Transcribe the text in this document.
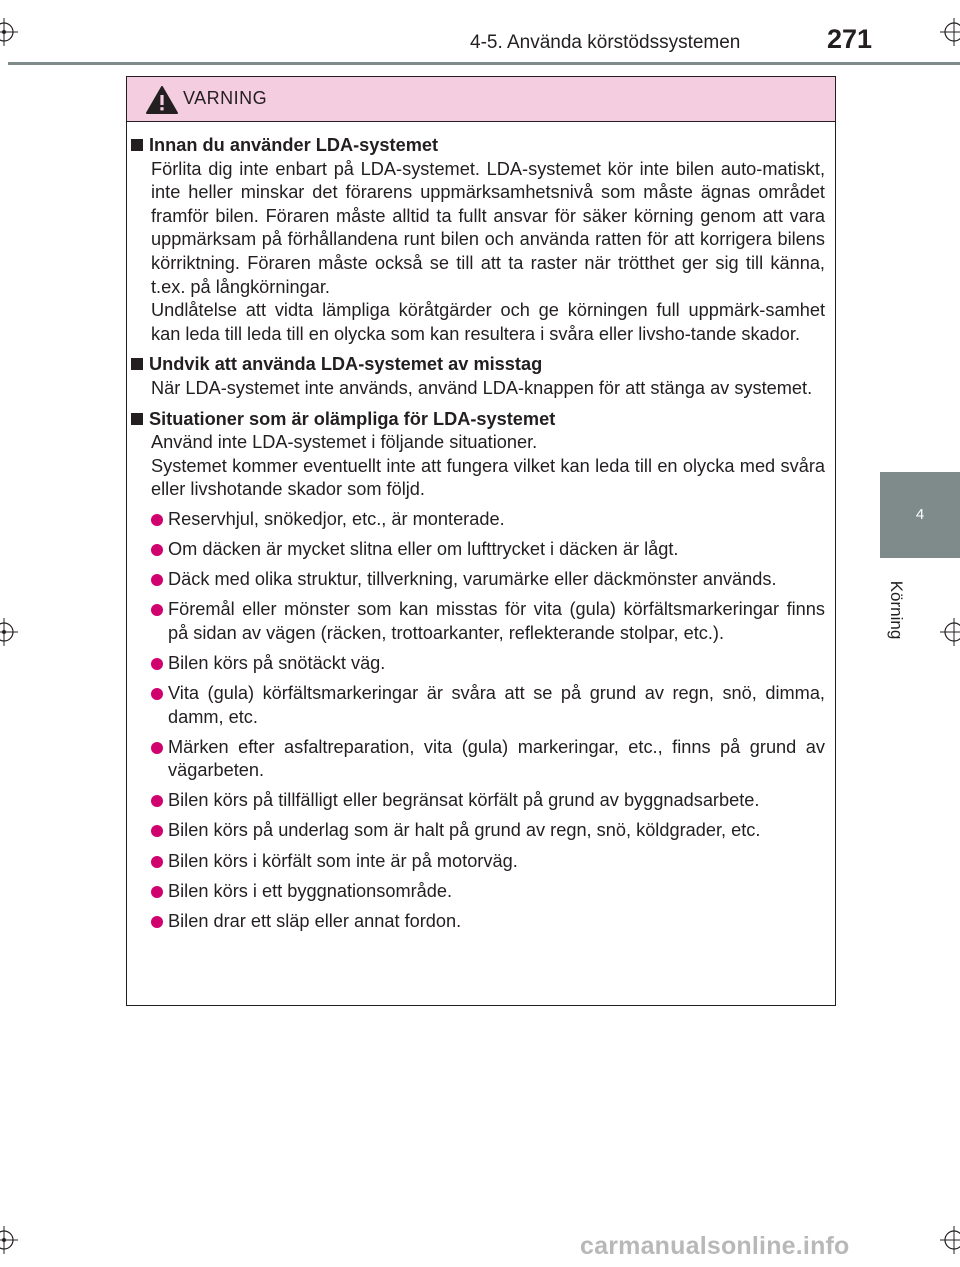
4-5. Använda körstödssystemen	271
4
Körning
VARNING
Innan du använder LDA-systemet
Förlita dig inte enbart på LDA-systemet. LDA-systemet kör inte bilen auto-matiskt, inte heller minskar det förarens uppmärksamhetsnivå som måste ägnas området framför bilen. Föraren måste alltid ta fullt ansvar för säker körning genom att vara uppmärksam på förhållandena runt bilen och använda ratten för att korrigera bilens körriktning. Föraren måste också se till att ta raster när trötthet ger sig till känna, t.ex. på långkörningar.
Undlåtelse att vidta lämpliga köråtgärder och ge körningen full uppmärk-samhet kan leda till leda till en olycka som kan resultera i svåra eller livsho-tande skador.
Undvik att använda LDA-systemet av misstag
När LDA-systemet inte används, använd LDA-knappen för att stänga av systemet.
Situationer som är olämpliga för LDA-systemet
Använd inte LDA-systemet i följande situationer.
Systemet kommer eventuellt inte att fungera vilket kan leda till en olycka med svåra eller livshotande skador som följd.
Reservhjul, snökedjor, etc., är monterade.
Om däcken är mycket slitna eller om lufttrycket i däcken är lågt.
Däck med olika struktur, tillverkning, varumärke eller däckmönster används.
Föremål eller mönster som kan misstas för vita (gula) körfältsmarkeringar finns på sidan av vägen (räcken, trottoarkanter, reflekterande stolpar, etc.).
Bilen körs på snötäckt väg.
Vita (gula) körfältsmarkeringar är svåra att se på grund av regn, snö, dimma, damm, etc.
Märken efter asfaltreparation, vita (gula) markeringar, etc., finns på grund av vägarbeten.
Bilen körs på tillfälligt eller begränsat körfält på grund av byggnadsarbete.
Bilen körs på underlag som är halt på grund av regn, snö, köldgrader, etc.
Bilen körs i körfält som inte är på motorväg.
Bilen körs i ett byggnationsområde.
Bilen drar ett släp eller annat fordon.
carmanualsonline.info
